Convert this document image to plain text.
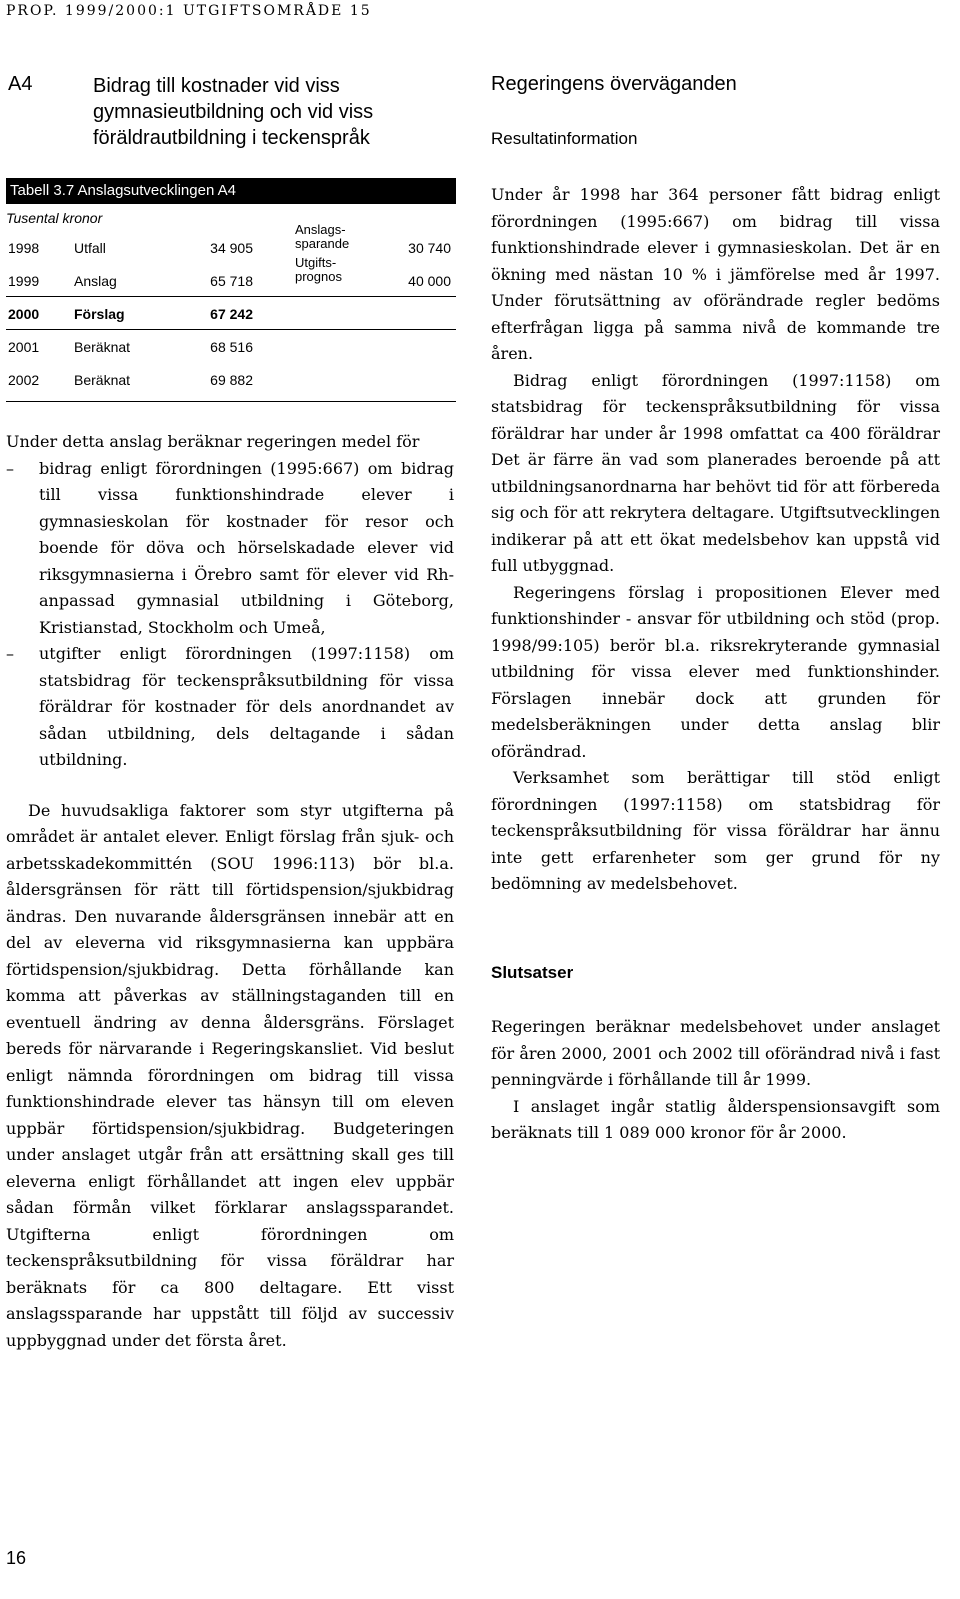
PROP. 1999/2000:1 UTGIFTSOMRÅDE 15
A4	Bidrag till kostnader vid viss gymnasieutbildning och vid viss föräldrautbildning i teckenspråk
Tabell 3.7 Anslagsutvecklingen A4
Tusental kronor
1998 Utfall	34 905
1999 Anslag	65 718
2000 Förslag	67 242
2001 Beräknat	68 516
2002 Beräknat	69 882
Anslags-
sparande	30 740
Utgifts-
prognos	40 000

Under detta anslag beräknar regeringen medel för

– bidrag enligt förordningen (1995:667) om bidrag till vissa funktionshindrade elever i gymnasieskolan för kostnader för resor och boende för döva och hörselskadade elever vid riksgymnasierna i Örebro samt för elever vid Rh-anpassad gymnasial utbildning i Göteborg, Kristianstad, Stockholm och Umeå,
– utgifter enligt förordningen (1997:1158) om statsbidrag för teckenspråksutbildning för vissa föräldrar för kostnader för dels anordnandet av sådan utbildning, dels deltagande i sådan utbildning.

De huvudsakliga faktorer som styr utgifterna på området är antalet elever. Enligt förslag från sjuk- och arbetsskadekommittén (SOU 1996:113) bör bl.a. åldersgränsen för rätt till förtidspension/sjukbidrag ändras. Den nuvarande åldersgränsen innebär att en del av eleverna vid riksgymnasierna kan uppbära förtidspension/sjukbidrag. Detta förhållande kan komma att påverkas av ställningstaganden till en eventuell ändring av denna åldersgräns. Förslaget bereds för närvarande i Regeringskansliet. Vid beslut enligt nämnda förordningen om bidrag till vissa funktionshindrade elever tas hänsyn till om eleven uppbär förtidspension/sjukbidrag. Budgeteringen under anslaget utgår från att ersättning skall ges till eleverna enligt förhållandet att ingen elev uppbär sådan förmån vilket förklarar anslagssparandet. Utgifterna enligt förordningen om teckenspråksutbildning för vissa föräldrar har beräknats för ca 800 deltagare. Ett visst anslagssparande har uppstått till följd av successiv uppbyggnad under det första året.

Regeringens överväganden
Resultatinformation

Under år 1998 har 364 personer fått bidrag enligt förordningen (1995:667) om bidrag till vissa funktionshindrade elever i gymnasieskolan. Det är en ökning med nästan 10 % i jämförelse med år 1997. Under förutsättning av oförändrade regler bedöms efterfrågan ligga på samma nivå de kommande tre åren.

Bidrag enligt förordningen (1997:1158) om statsbidrag för teckenspråksutbildning för vissa föräldrar har under år 1998 omfattat ca 400 föräldrar Det är färre än vad som planerades beroende på att utbildningsanordnarna har behövt tid för att förbereda sig och för att rekrytera deltagare. Utgiftsutvecklingen indikerar på att ett ökat medelsbehov kan uppstå vid full utbyggnad.

Regeringens förslag i propositionen Elever med funktionshinder - ansvar för utbildning och stöd (prop. 1998/99:105) berör bl.a. riksrekryterande gymnasial utbildning för vissa elever med funktionshinder. Förslagen innebär dock att grunden för medelsberäkningen under detta anslag blir oförändrad.

Verksamhet som berättigar till stöd enligt förordningen (1997:1158) om statsbidrag för teckenspråksutbildning för vissa föräldrar har ännu inte gett erfarenheter som ger grund för ny bedömning av medelsbehovet.

Slutsatser

Regeringen beräknar medelsbehovet under anslaget för åren 2000, 2001 och 2002 till oförändrad nivå i fast penningvärde i förhållande till år 1999.

I anslaget ingår statlig ålderspensionsavgift som beräknats till 1 089 000 kronor för år 2000.

16
